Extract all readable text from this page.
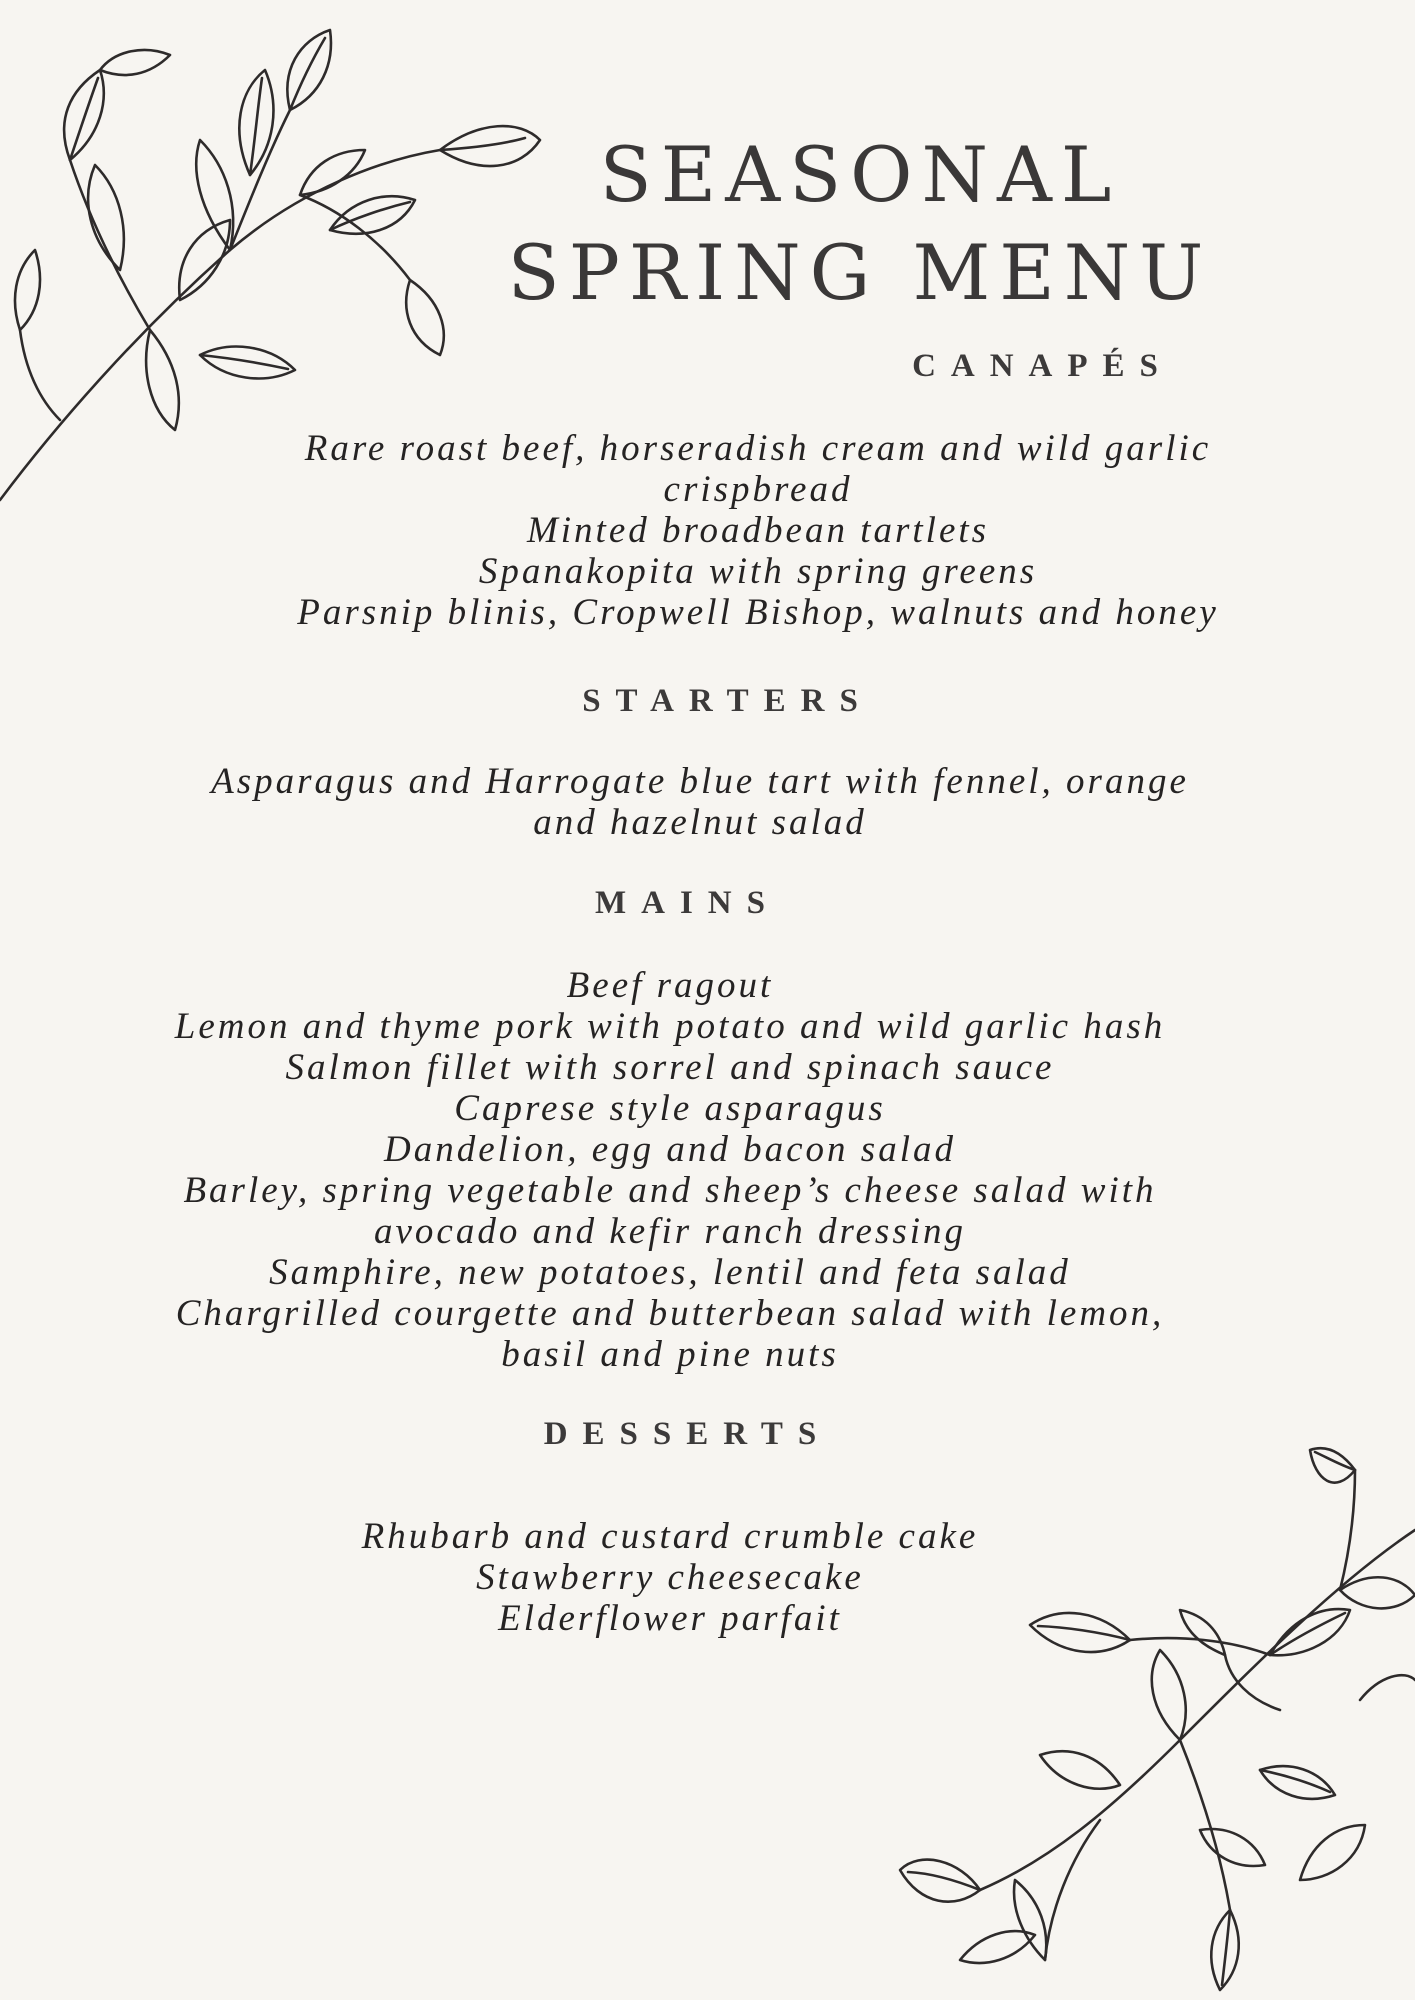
SEASONAL
SPRING MENU
CANAPÉS
Rare roast beef, horseradish cream and wild garlic
crispbread
Minted broadbean tartlets
Spanakopita with spring greens
Parsnip blinis, Cropwell Bishop, walnuts and honey
STARTERS
Asparagus and Harrogate blue tart with fennel, orange
and hazelnut salad
MAINS
Beef ragout
Lemon and thyme pork with potato and wild garlic hash
Salmon fillet with sorrel and spinach sauce
Caprese style asparagus
Dandelion, egg and bacon salad
Barley, spring vegetable and sheep’s cheese salad with
avocado and kefir ranch dressing
Samphire, new potatoes, lentil and feta salad
Chargrilled courgette and butterbean salad with lemon,
basil and pine nuts
DESSERTS
Rhubarb and custard crumble cake
Stawberry cheesecake
Elderflower parfait
